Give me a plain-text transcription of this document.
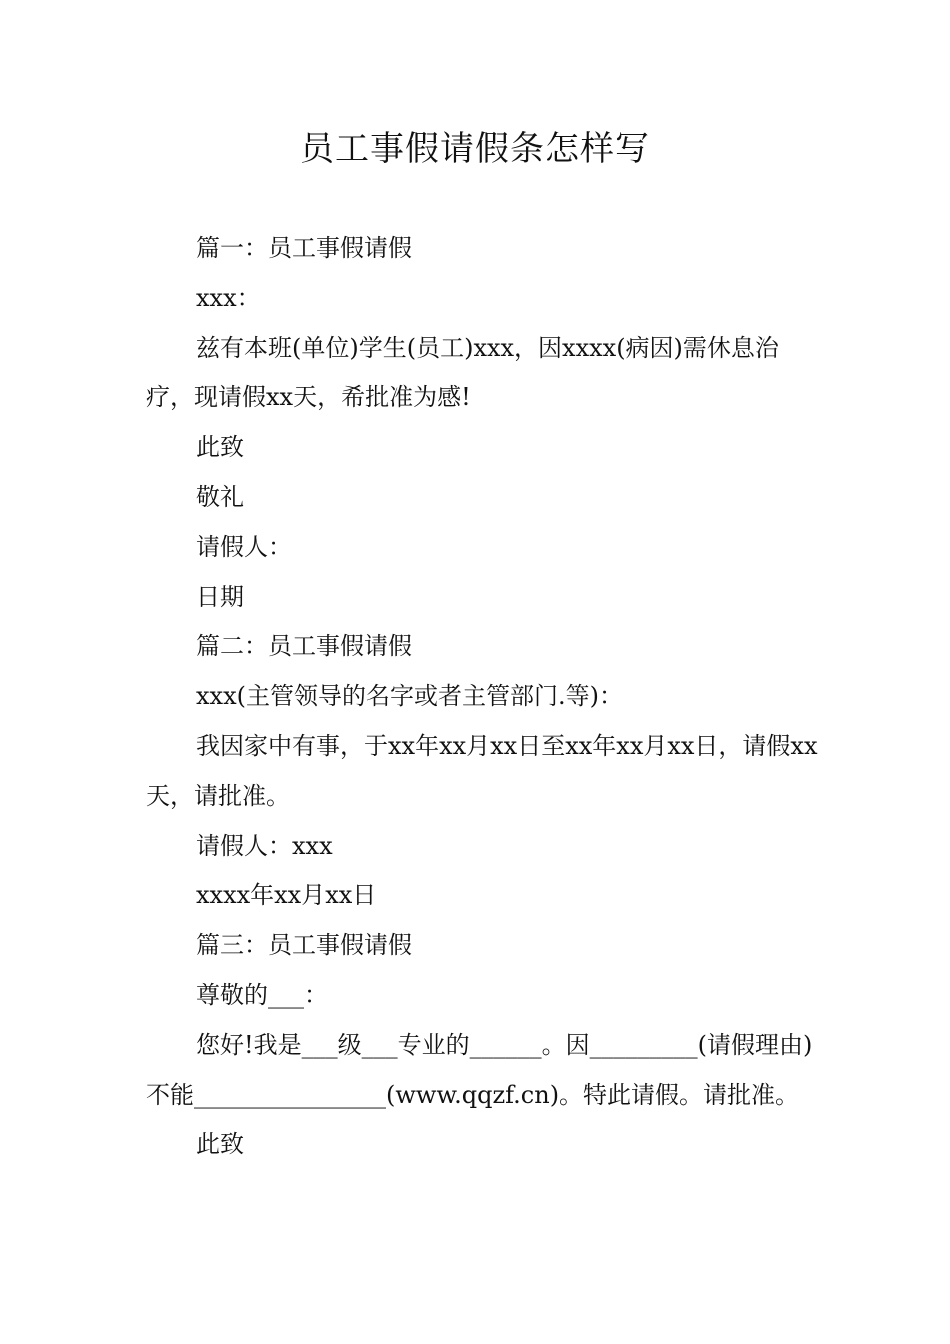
员工事假请假条怎样写

篇一：员工事假请假

xxx：

兹有本班(单位)学生(员工)xxx，因xxxx(病因)需休息治疗，现请假xx天，希批准为感!

此致

敬礼

请假人：

日期

篇二：员工事假请假

xxx(主管领导的名字或者主管部门.等)：

我因家中有事，于xx年xx月xx日至xx年xx月xx日，请假xx天，请批准。

请假人：xxx

xxxx年xx月xx日

篇三：员工事假请假

尊敬的___：

您好!我是___级___专业的______。因_________(请假理由)不能________________(www.qqzf.cn)。特此请假。请批准。

此致
